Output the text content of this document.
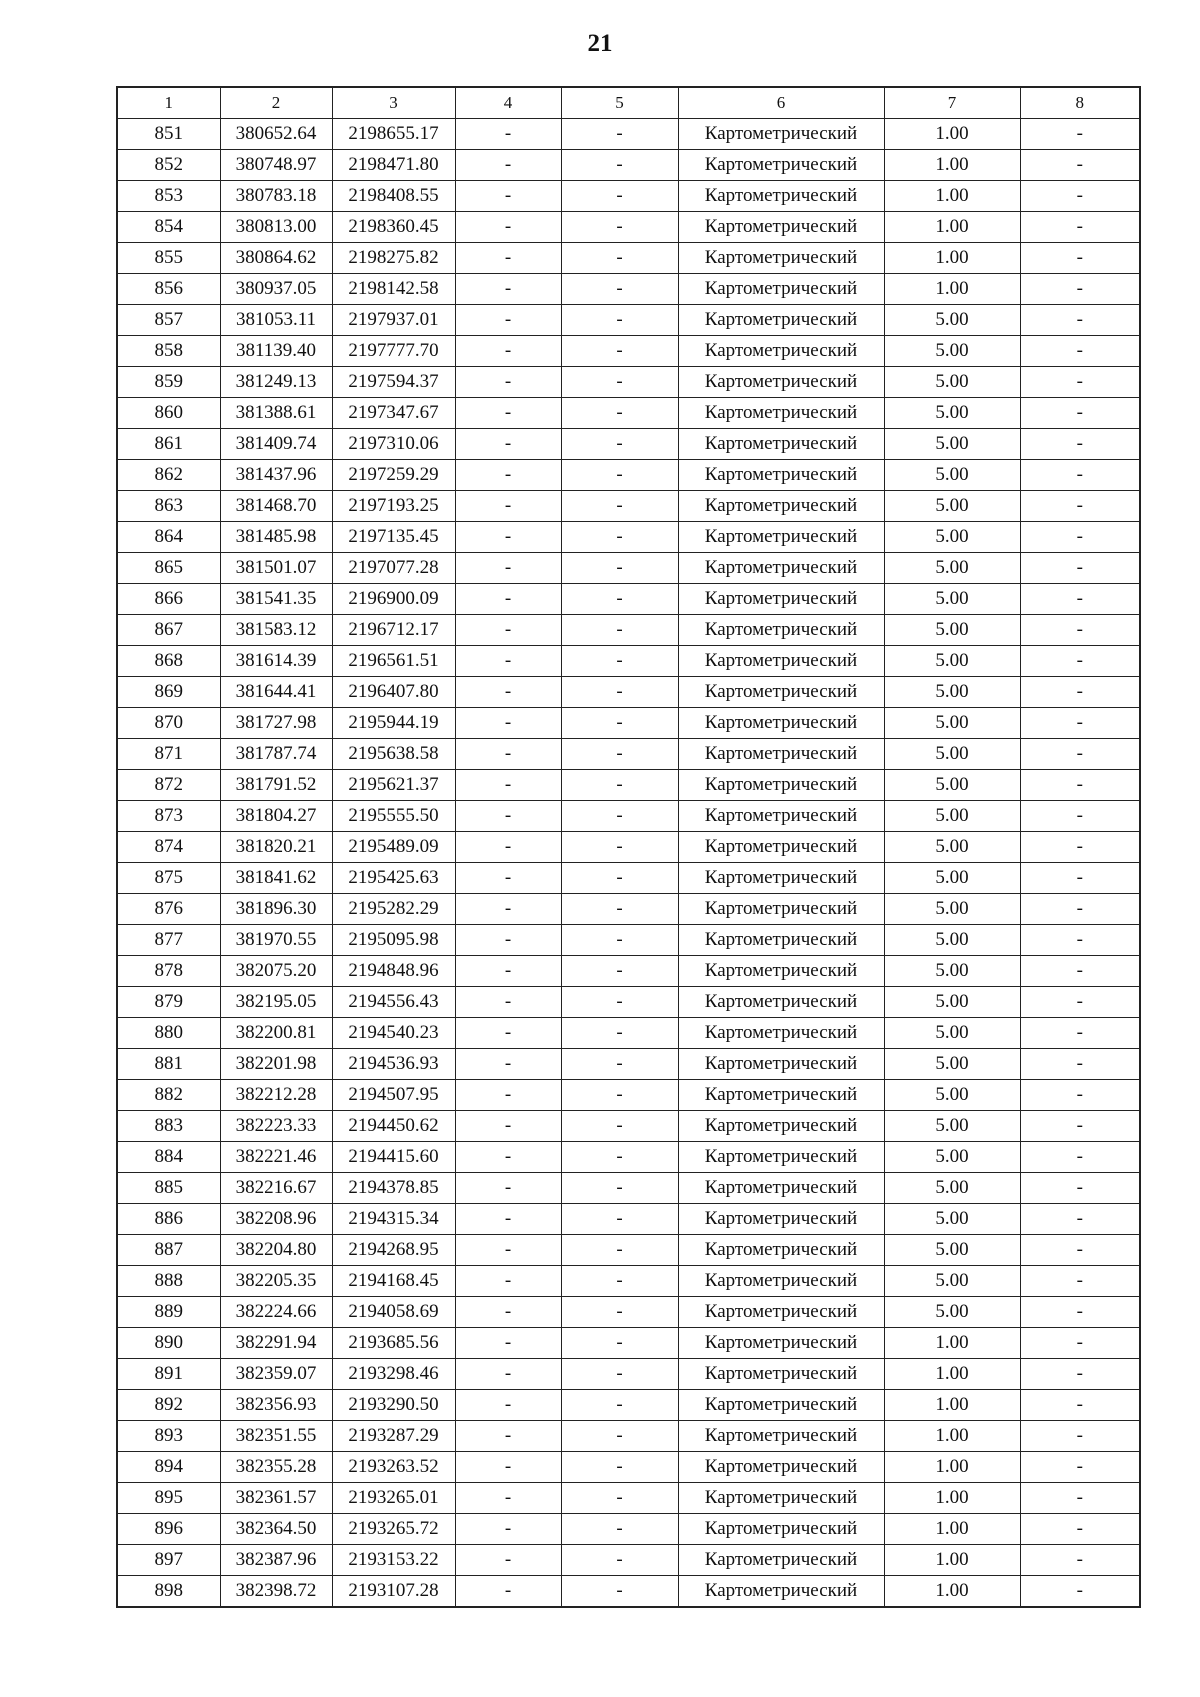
21
1	2	3	4	5	6	7	8
851	380652.64	2198655.17	-	-	Картометрический	1.00	-
852	380748.97	2198471.80	-	-	Картометрический	1.00	-
853	380783.18	2198408.55	-	-	Картометрический	1.00	-
854	380813.00	2198360.45	-	-	Картометрический	1.00	-
855	380864.62	2198275.82	-	-	Картометрический	1.00	-
856	380937.05	2198142.58	-	-	Картометрический	1.00	-
857	381053.11	2197937.01	-	-	Картометрический	5.00	-
858	381139.40	2197777.70	-	-	Картометрический	5.00	-
859	381249.13	2197594.37	-	-	Картометрический	5.00	-
860	381388.61	2197347.67	-	-	Картометрический	5.00	-
861	381409.74	2197310.06	-	-	Картометрический	5.00	-
862	381437.96	2197259.29	-	-	Картометрический	5.00	-
863	381468.70	2197193.25	-	-	Картометрический	5.00	-
864	381485.98	2197135.45	-	-	Картометрический	5.00	-
865	381501.07	2197077.28	-	-	Картометрический	5.00	-
866	381541.35	2196900.09	-	-	Картометрический	5.00	-
867	381583.12	2196712.17	-	-	Картометрический	5.00	-
868	381614.39	2196561.51	-	-	Картометрический	5.00	-
869	381644.41	2196407.80	-	-	Картометрический	5.00	-
870	381727.98	2195944.19	-	-	Картометрический	5.00	-
871	381787.74	2195638.58	-	-	Картометрический	5.00	-
872	381791.52	2195621.37	-	-	Картометрический	5.00	-
873	381804.27	2195555.50	-	-	Картометрический	5.00	-
874	381820.21	2195489.09	-	-	Картометрический	5.00	-
875	381841.62	2195425.63	-	-	Картометрический	5.00	-
876	381896.30	2195282.29	-	-	Картометрический	5.00	-
877	381970.55	2195095.98	-	-	Картометрический	5.00	-
878	382075.20	2194848.96	-	-	Картометрический	5.00	-
879	382195.05	2194556.43	-	-	Картометрический	5.00	-
880	382200.81	2194540.23	-	-	Картометрический	5.00	-
881	382201.98	2194536.93	-	-	Картометрический	5.00	-
882	382212.28	2194507.95	-	-	Картометрический	5.00	-
883	382223.33	2194450.62	-	-	Картометрический	5.00	-
884	382221.46	2194415.60	-	-	Картометрический	5.00	-
885	382216.67	2194378.85	-	-	Картометрический	5.00	-
886	382208.96	2194315.34	-	-	Картометрический	5.00	-
887	382204.80	2194268.95	-	-	Картометрический	5.00	-
888	382205.35	2194168.45	-	-	Картометрический	5.00	-
889	382224.66	2194058.69	-	-	Картометрический	5.00	-
890	382291.94	2193685.56	-	-	Картометрический	1.00	-
891	382359.07	2193298.46	-	-	Картометрический	1.00	-
892	382356.93	2193290.50	-	-	Картометрический	1.00	-
893	382351.55	2193287.29	-	-	Картометрический	1.00	-
894	382355.28	2193263.52	-	-	Картометрический	1.00	-
895	382361.57	2193265.01	-	-	Картометрический	1.00	-
896	382364.50	2193265.72	-	-	Картометрический	1.00	-
897	382387.96	2193153.22	-	-	Картометрический	1.00	-
898	382398.72	2193107.28	-	-	Картометрический	1.00	-
